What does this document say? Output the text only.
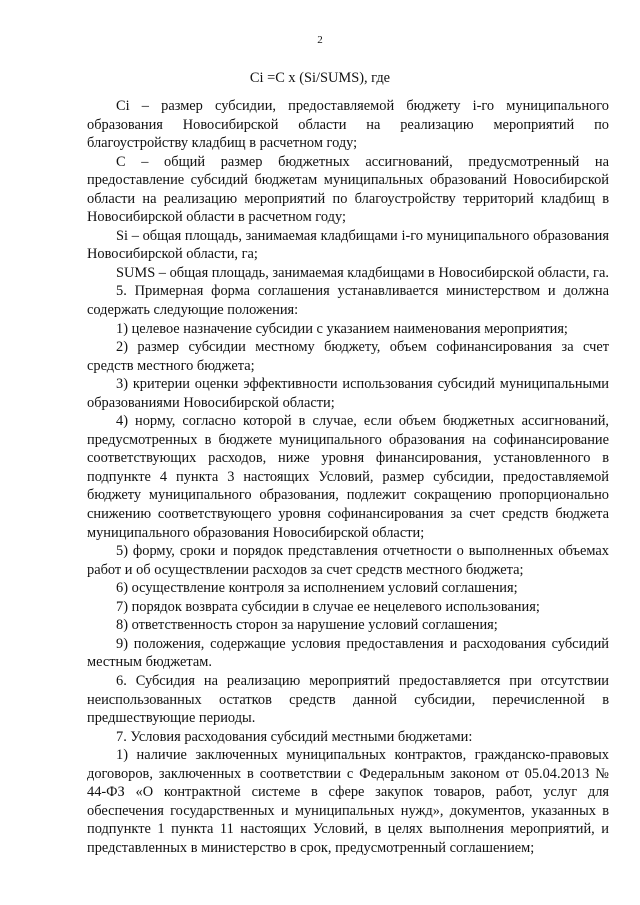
2
Ci =C x (Si/SUMS), где

Ci – размер субсидии, предоставляемой бюджету i-го муниципального образования Новосибирской области на реализацию мероприятий по благоустройству кладбищ в расчетном году;

C – общий размер бюджетных ассигнований, предусмотренный на предоставление субсидий бюджетам муниципальных образований Новосибирской области на реализацию мероприятий по благоустройству территорий кладбищ в Новосибирской области в расчетном году;

Si – общая площадь, занимаемая кладбищами i-го муниципального образования Новосибирской области, га;

SUMS – общая площадь, занимаемая кладбищами в Новосибирской области, га.

5. Примерная форма соглашения устанавливается министерством и должна содержать следующие положения:

1) целевое назначение субсидии с указанием наименования мероприятия;

2) размер субсидии местному бюджету, объем софинансирования за счет средств местного бюджета;

3) критерии оценки эффективности использования субсидий муниципальными образованиями Новосибирской области;

4) норму, согласно которой в случае, если объем бюджетных ассигнований, предусмотренных в бюджете муниципального образования на софинансирование соответствующих расходов, ниже уровня финансирования, установленного в подпункте 4 пункта 3 настоящих Условий, размер субсидии, предоставляемой бюджету муниципального образования, подлежит сокращению пропорционально снижению соответствующего уровня софинансирования за счет средств бюджета муниципального образования Новосибирской области;

5) форму, сроки и порядок представления отчетности о выполненных объемах работ и об осуществлении расходов за счет средств местного бюджета;

6) осуществление контроля за исполнением условий соглашения;

7) порядок возврата субсидии в случае ее нецелевого использования;

8) ответственность сторон за нарушение условий соглашения;

9) положения, содержащие условия предоставления и расходования субсидий местным бюджетам.

6. Субсидия на реализацию мероприятий предоставляется при отсутствии неиспользованных остатков средств данной субсидии, перечисленной в предшествующие периоды.

7. Условия расходования субсидий местными бюджетами:

1) наличие заключенных муниципальных контрактов, гражданско-правовых договоров, заключенных в соответствии с Федеральным законом от 05.04.2013 № 44-ФЗ «О контрактной системе в сфере закупок товаров, работ, услуг для обеспечения государственных и муниципальных нужд», документов, указанных в подпункте 1 пункта 11 настоящих Условий, в целях выполнения мероприятий, и представленных в министерство в срок, предусмотренный соглашением;
